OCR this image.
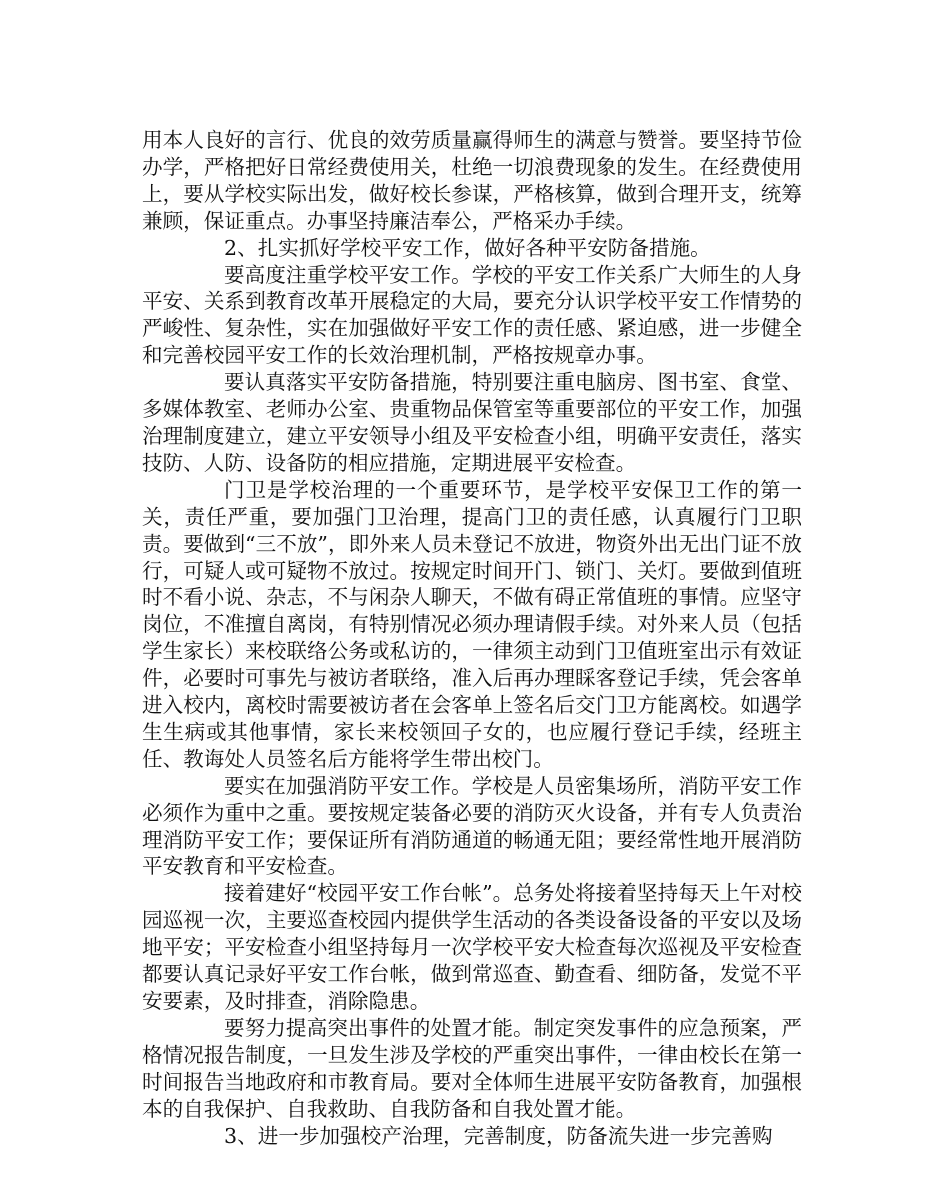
用本人良好的言行、优良的效劳质量赢得师生的满意与赞誉。要坚持节俭办学，严格把好日常经费使用关，杜绝一切浪费现象的发生。在经费使用上，要从学校实际出发，做好校长参谋，严格核算，做到合理开支，统筹兼顾，保证重点。办事坚持廉洁奉公，严格采办手续。

2、扎实抓好学校平安工作，做好各种平安防备措施。

要高度注重学校平安工作。学校的平安工作关系广大师生的人身平安、关系到教育改革开展稳定的大局，要充分认识学校平安工作情势的严峻性、复杂性，实在加强做好平安工作的责任感、紧迫感，进一步健全和完善校园平安工作的长效治理机制，严格按规章办事。

要认真落实平安防备措施，特别要注重电脑房、图书室、食堂、多媒体教室、老师办公室、贵重物品保管室等重要部位的平安工作，加强治理制度建立，建立平安领导小组及平安检查小组，明确平安责任，落实技防、人防、设备防的相应措施，定期进展平安检查。

门卫是学校治理的一个重要环节，是学校平安保卫工作的第一关，责任严重，要加强门卫治理，提高门卫的责任感，认真履行门卫职责。要做到“三不放”，即外来人员未登记不放进，物资外出无出门证不放行，可疑人或可疑物不放过。按规定时间开门、锁门、关灯。要做到值班时不看小说、杂志，不与闲杂人聊天，不做有碍正常值班的事情。应坚守岗位，不准擅自离岗，有特别情况必须办理请假手续。对外来人员（包括学生家长）来校联络公务或私访的，一律须主动到门卫值班室出示有效证件，必要时可事先与被访者联络，准入后再办理睬客登记手续，凭会客单进入校内，离校时需要被访者在会客单上签名后交门卫方能离校。如遇学生生病或其他事情，家长来校领回子女的，也应履行登记手续，经班主任、教诲处人员签名后方能将学生带出校门。

要实在加强消防平安工作。学校是人员密集场所，消防平安工作必须作为重中之重。要按规定装备必要的消防灭火设备，并有专人负责治理消防平安工作；要保证所有消防通道的畅通无阻；要经常性地开展消防平安教育和平安检查。

接着建好“校园平安工作台帐”。总务处将接着坚持每天上午对校园巡视一次，主要巡查校园内提供学生活动的各类设备设备的平安以及场地平安；平安检查小组坚持每月一次学校平安大检查每次巡视及平安检查都要认真记录好平安工作台帐，做到常巡查、勤查看、细防备，发觉不平安要素，及时排查，消除隐患。

要努力提高突出事件的处置才能。制定突发事件的应急预案，严格情况报告制度，一旦发生涉及学校的严重突出事件，一律由校长在第一时间报告当地政府和市教育局。要对全体师生进展平安防备教育，加强根本的自我保护、自我救助、自我防备和自我处置才能。

3、进一步加强校产治理，完善制度，防备流失进一步完善购
